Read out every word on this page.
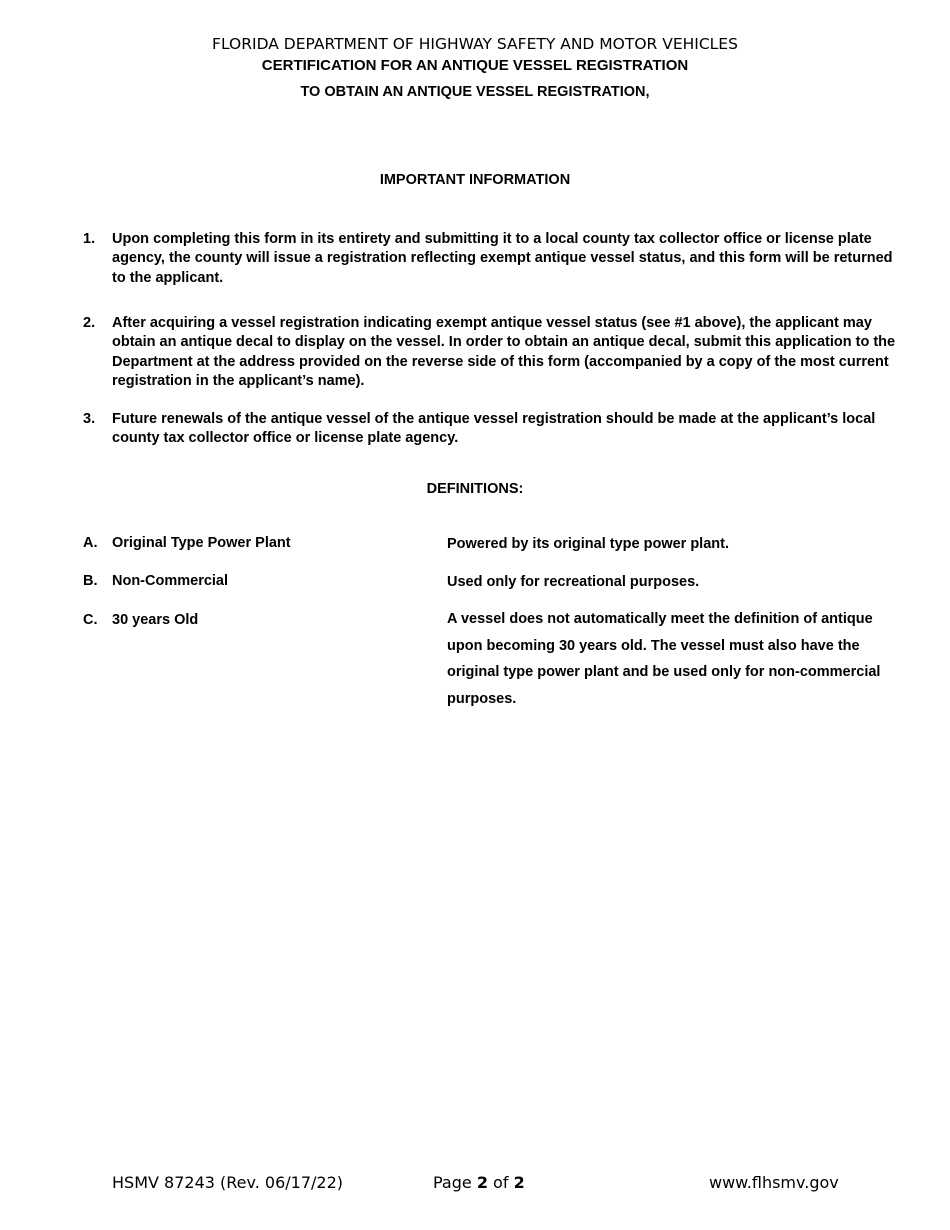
FLORIDA DEPARTMENT OF HIGHWAY SAFETY AND MOTOR VEHICLES
CERTIFICATION FOR AN ANTIQUE VESSEL REGISTRATION
TO OBTAIN AN ANTIQUE VESSEL REGISTRATION,
IMPORTANT INFORMATION
1.	Upon completing this form in its entirety and submitting it to a local county tax collector office or license plate agency, the county will issue a registration reflecting exempt antique vessel status, and this form will be returned to the applicant.
2.	After acquiring a vessel registration indicating exempt antique vessel status (see #1 above), the applicant may obtain an antique decal to display on the vessel. In order to obtain an antique decal, submit this application to the Department at the address provided on the reverse side of this form (accompanied by a copy of the most current registration in the applicant’s name).
3.	Future renewals of the antique vessel of the antique vessel registration should be made at the applicant’s local county tax collector office or license plate agency.
DEFINITIONS:
A. Original Type Power Plant	Powered by its original type power plant.
B. Non-Commercial	Used only for recreational purposes.
C. 30 years Old	A vessel does not automatically meet the definition of antique upon becoming 30 years old. The vessel must also have the original type power plant and be used only for non-commercial purposes.
HSMV 87243 (Rev. 06/17/22)	Page 2 of 2	www.flhsmv.gov
